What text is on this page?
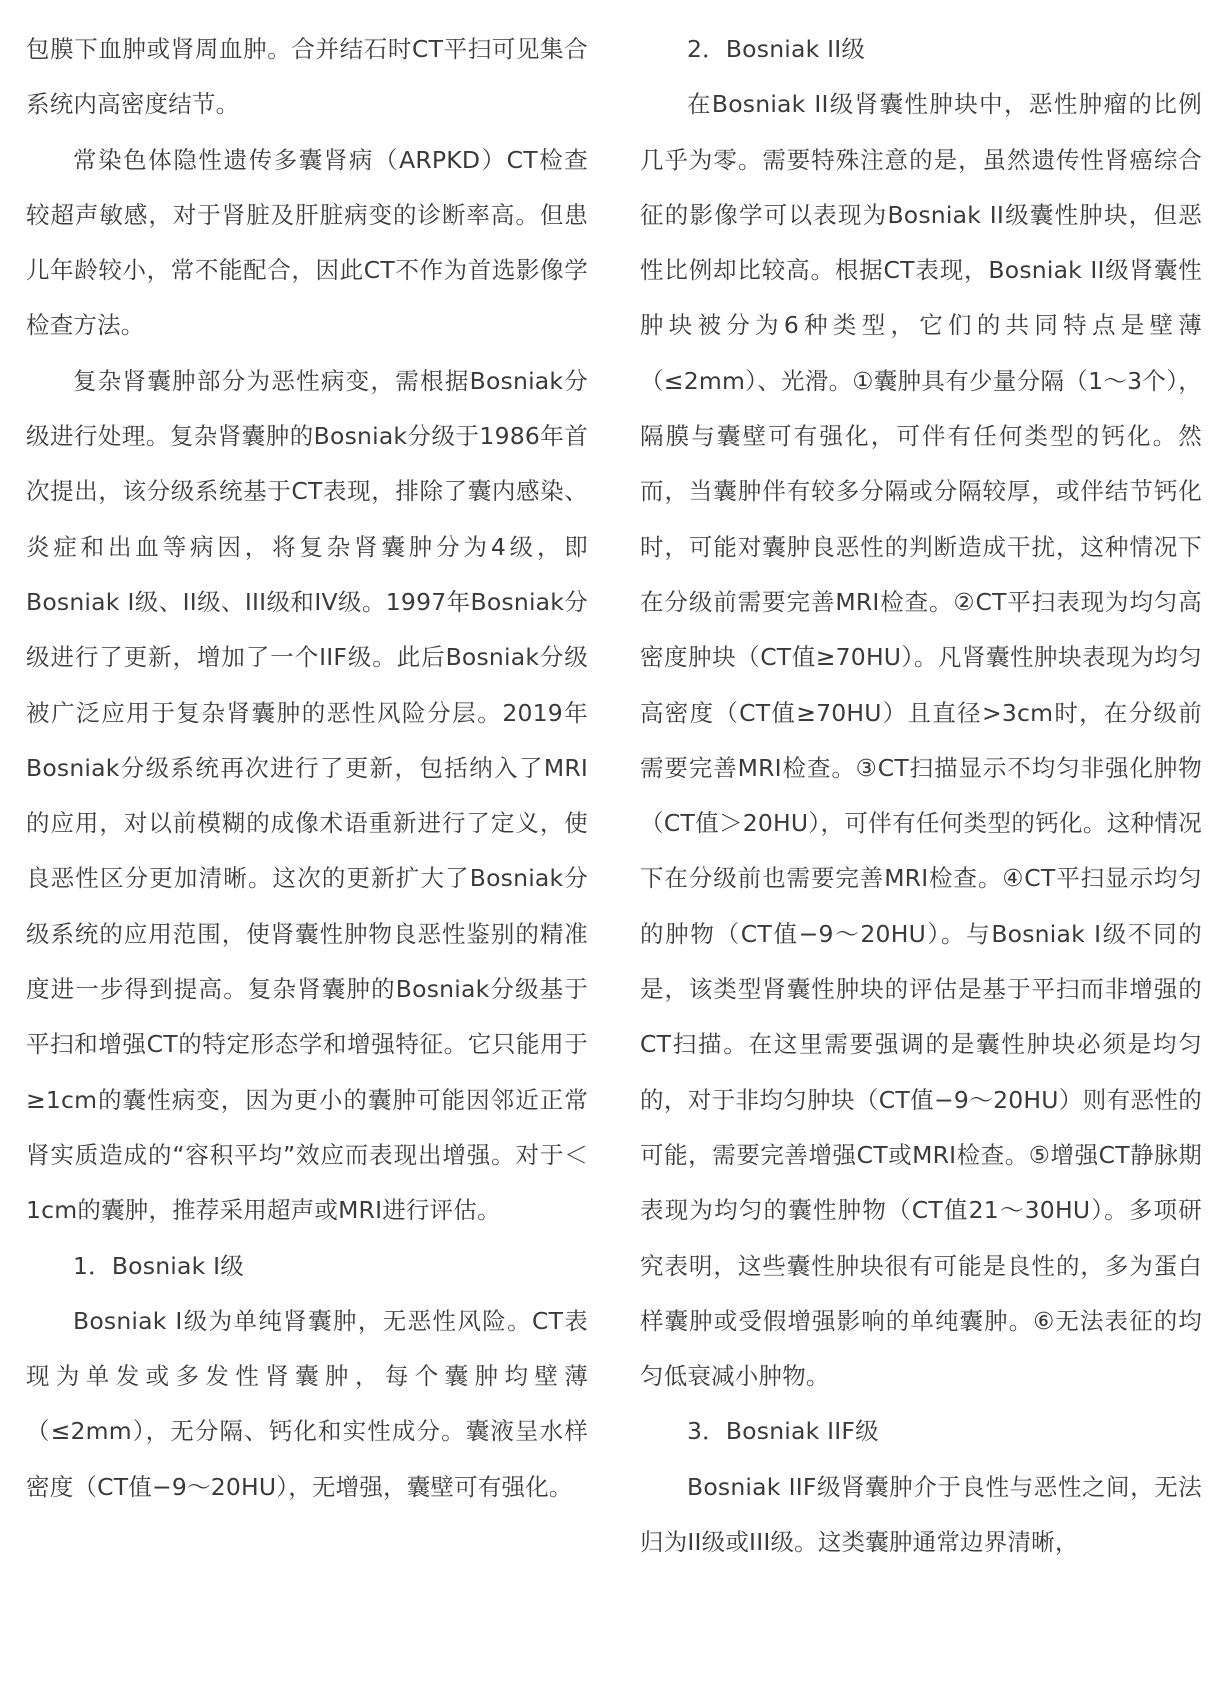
包膜下血肿或肾周血肿。合并结石时CT平扫可见集合系统内高密度结节。

常染色体隐性遗传多囊肾病（ARPKD）CT检查较超声敏感，对于肾脏及肝脏病变的诊断率高。但患儿年龄较小，常不能配合，因此CT不作为首选影像学检查方法。

复杂肾囊肿部分为恶性病变，需根据Bosniak分级进行处理。复杂肾囊肿的Bosniak分级于1986年首次提出，该分级系统基于CT表现，排除了囊内感染、炎症和出血等病因，将复杂肾囊肿分为4级，即Bosniak I级、II级、III级和IV级。1997年Bosniak分级进行了更新，增加了一个IIF级。此后Bosniak分级被广泛应用于复杂肾囊肿的恶性风险分层。2019年Bosniak分级系统再次进行了更新，包括纳入了MRI的应用，对以前模糊的成像术语重新进行了定义，使良恶性区分更加清晰。这次的更新扩大了Bosniak分级系统的应用范围，使肾囊性肿物良恶性鉴别的精准度进一步得到提高。复杂肾囊肿的Bosniak分级基于平扫和增强CT的特定形态学和增强特征。它只能用于≥1cm的囊性病变，因为更小的囊肿可能因邻近正常肾实质造成的“容积平均”效应而表现出增强。对于＜1cm的囊肿，推荐采用超声或MRI进行评估。

1．Bosniak I级

Bosniak I级为单纯肾囊肿，无恶性风险。CT表现为单发或多发性肾囊肿，每个囊肿均壁薄（≤2mm），无分隔、钙化和实性成分。囊液呈水样密度（CT值−9～20HU），无增强，囊壁可有强化。

2．Bosniak II级

在Bosniak II级肾囊性肿块中，恶性肿瘤的比例几乎为零。需要特殊注意的是，虽然遗传性肾癌综合征的影像学可以表现为Bosniak II级囊性肿块，但恶性比例却比较高。根据CT表现，Bosniak II级肾囊性肿块被分为6种类型，它们的共同特点是壁薄（≤2mm）、光滑。①囊肿具有少量分隔（1～3个），隔膜与囊壁可有强化，可伴有任何类型的钙化。然而，当囊肿伴有较多分隔或分隔较厚，或伴结节钙化时，可能对囊肿良恶性的判断造成干扰，这种情况下在分级前需要完善MRI检查。②CT平扫表现为均匀高密度肿块（CT值≥70HU）。凡肾囊性肿块表现为均匀高密度（CT值≥70HU）且直径>3cm时，在分级前需要完善MRI检查。③CT扫描显示不均匀非强化肿物（CT值＞20HU），可伴有任何类型的钙化。这种情况下在分级前也需要完善MRI检查。④CT平扫显示均匀的肿物（CT值−9～20HU）。与Bosniak I级不同的是，该类型肾囊性肿块的评估是基于平扫而非增强的CT扫描。在这里需要强调的是囊性肿块必须是均匀的，对于非均匀肿块（CT值−9～20HU）则有恶性的可能，需要完善增强CT或MRI检查。⑤增强CT静脉期表现为均匀的囊性肿物（CT值21～30HU）。多项研究表明，这些囊性肿块很有可能是良性的，多为蛋白样囊肿或受假增强影响的单纯囊肿。⑥无法表征的均匀低衰减小肿物。

3．Bosniak IIF级

Bosniak IIF级肾囊肿介于良性与恶性之间，无法归为II级或III级。这类囊肿通常边界清晰，
